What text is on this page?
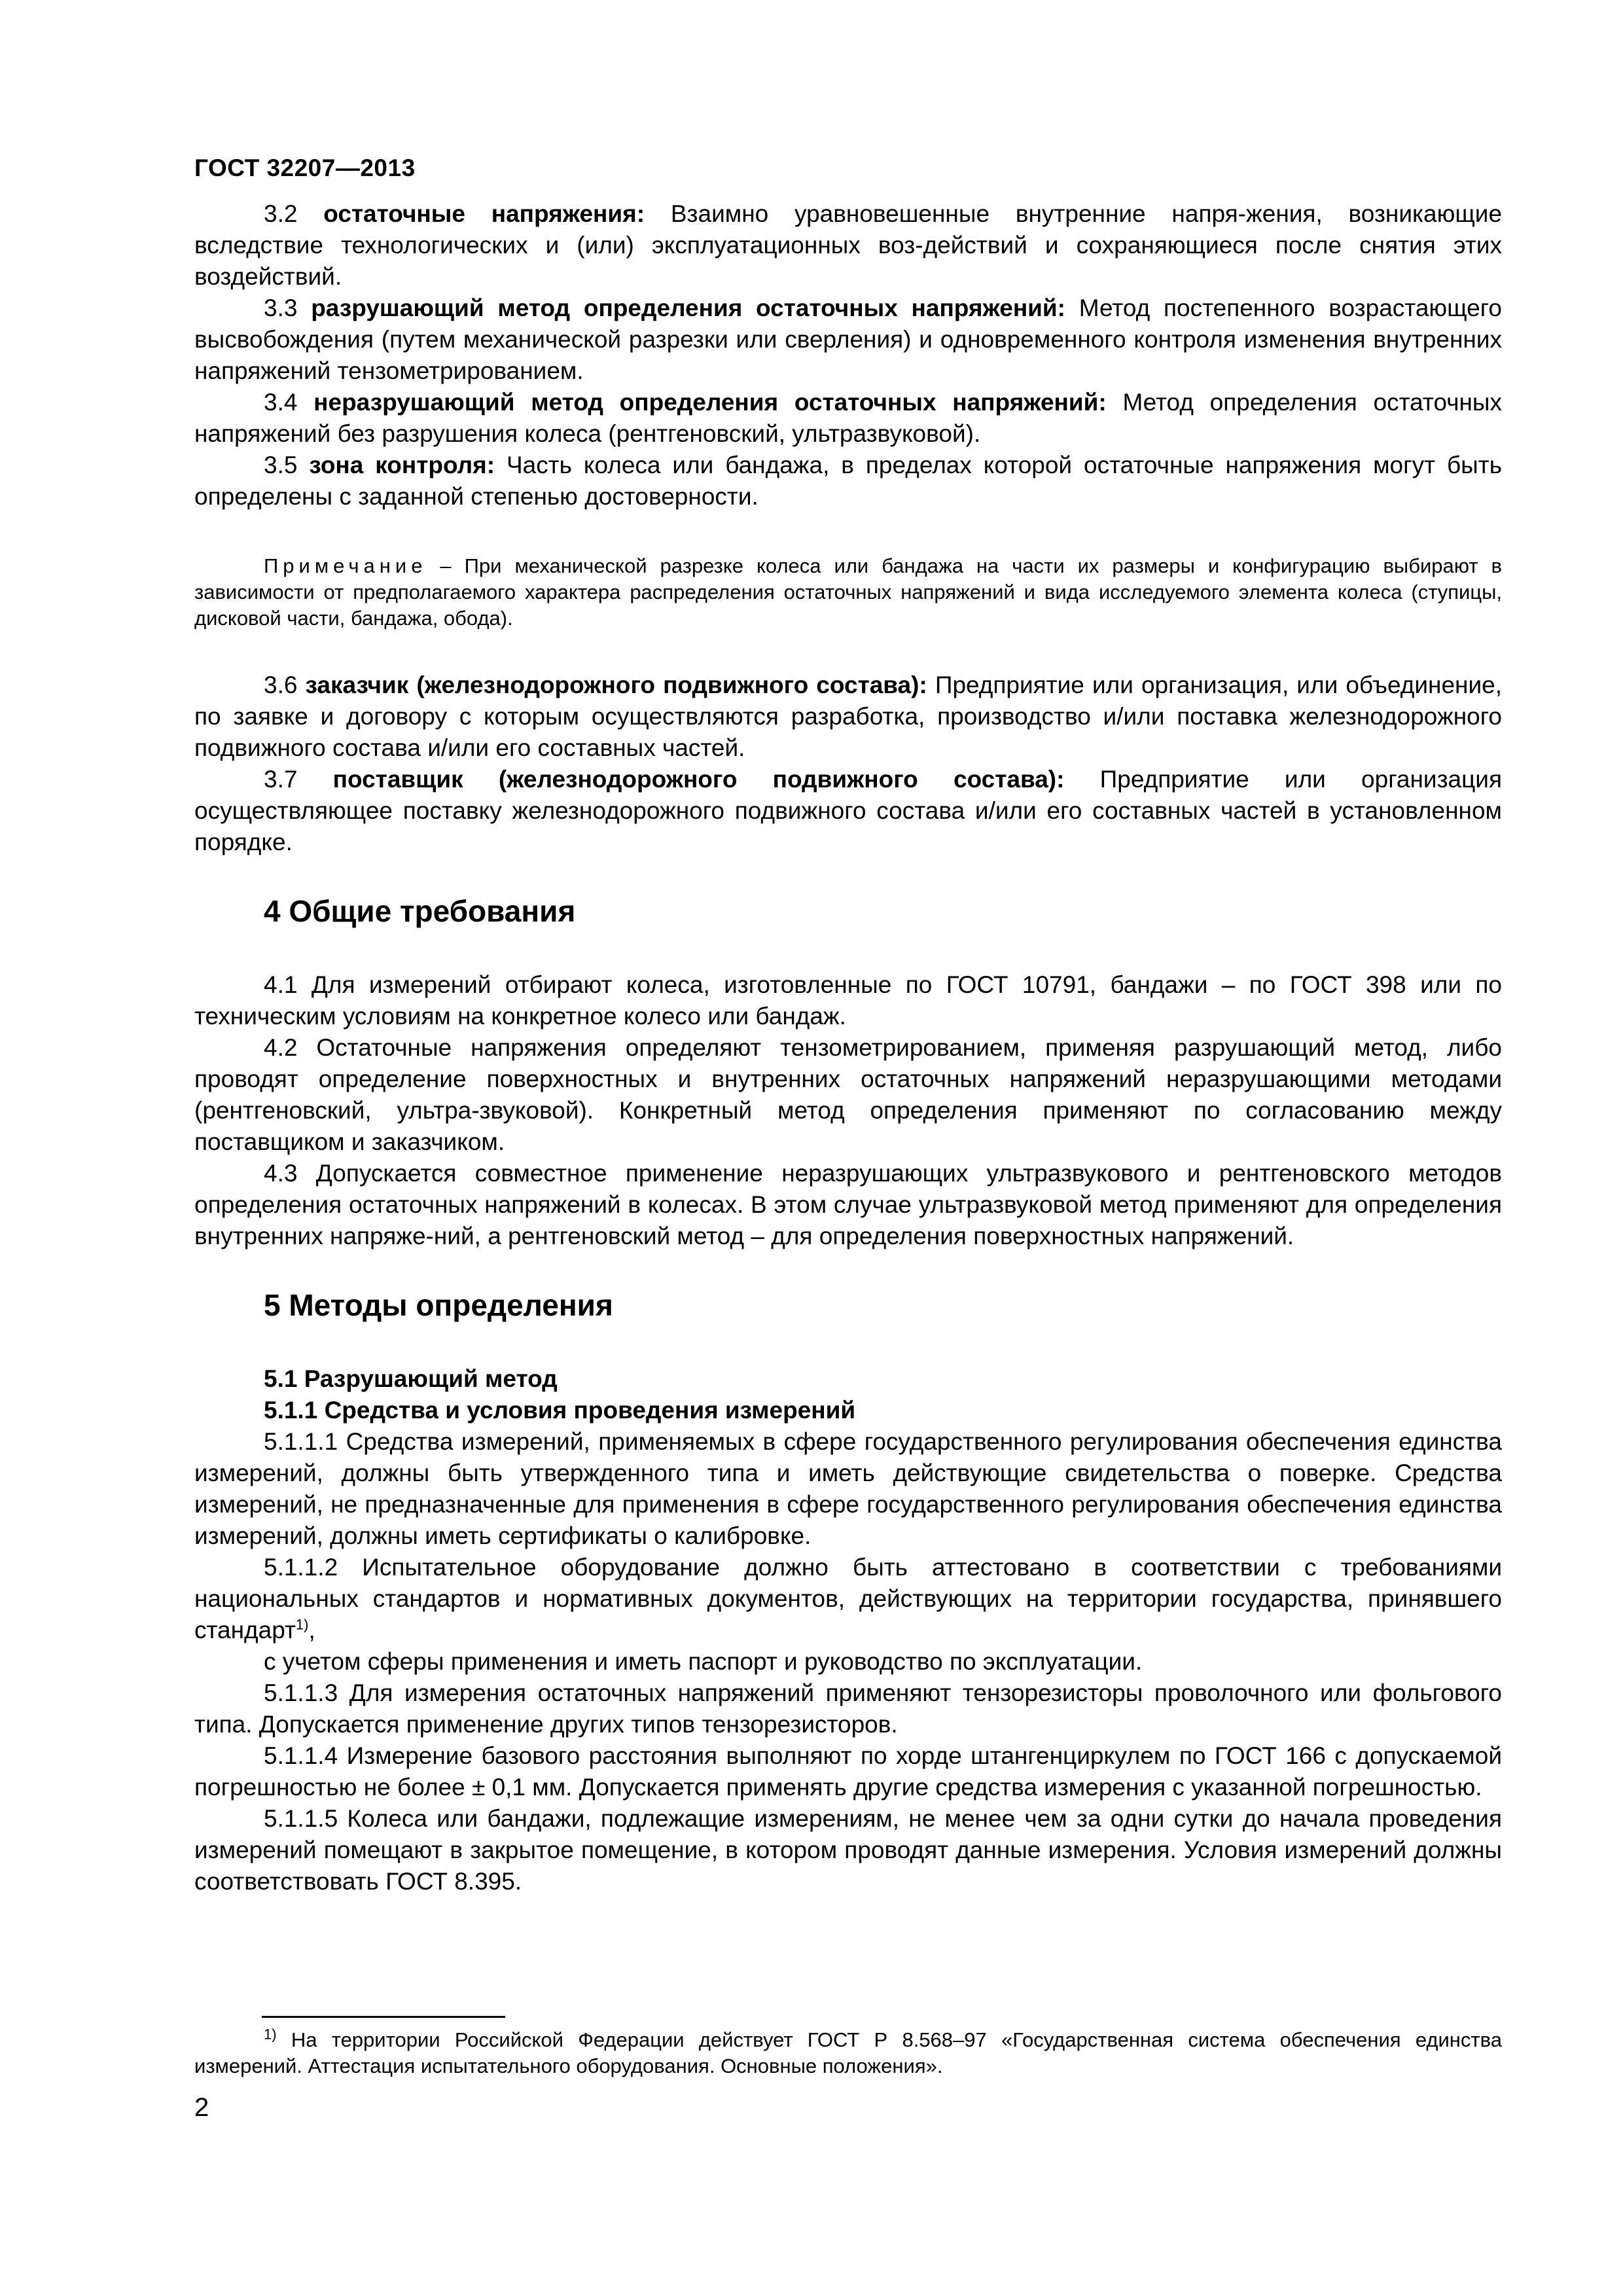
ГОСТ 32207—2013

3.2 остаточные напряжения: Взаимно уравновешенные внутренние напря-жения, возникающие вследствие технологических и (или) эксплуатационных воз-действий и сохраняющиеся после снятия этих воздействий.

3.3 разрушающий метод определения остаточных напряжений: Метод постепенного возрастающего высвобождения (путем механической разрезки или сверления) и одновременного контроля изменения внутренних напряжений тензометрированием.

3.4 неразрушающий метод определения остаточных напряжений: Метод определения остаточных напряжений без разрушения колеса (рентгеновский, ультразвуковой).

3.5 зона контроля: Часть колеса или бандажа, в пределах которой остаточные напряжения могут быть определены с заданной степенью достоверности.

Примечание – При механической разрезке колеса или бандажа на части их размеры и конфигурацию выбирают в зависимости от предполагаемого характера распределения остаточных напряжений и вида исследуемого элемента колеса (ступицы, дисковой части, бандажа, обода).

3.6 заказчик (железнодорожного подвижного состава): Предприятие или организация, или объединение, по заявке и договору с которым осуществляются разработка, производство и/или поставка железнодорожного подвижного состава и/или его составных частей.

3.7 поставщик (железнодорожного подвижного состава): Предприятие или организация осуществляющее поставку железнодорожного подвижного состава и/или его составных частей в установленном порядке.

4 Общие требования

4.1 Для измерений отбирают колеса, изготовленные по ГОСТ 10791, бандажи – по ГОСТ 398 или по техническим условиям на конкретное колесо или бандаж.

4.2 Остаточные напряжения определяют тензометрированием, применяя разрушающий метод, либо проводят определение поверхностных и внутренних остаточных напряжений неразрушающими методами (рентгеновский, ультра-звуковой). Конкретный метод определения применяют по согласованию между поставщиком и заказчиком.

4.3 Допускается совместное применение неразрушающих ультразвукового и рентгеновского методов определения остаточных напряжений в колесах. В этом случае ультразвуковой метод применяют для определения внутренних напряже-ний, а рентгеновский метод – для определения поверхностных напряжений.

5 Методы определения

5.1 Разрушающий метод

5.1.1 Средства и условия проведения измерений

5.1.1.1 Средства измерений, применяемых в сфере государственного регулирования обеспечения единства измерений, должны быть утвержденного типа и иметь действующие свидетельства о поверке. Средства измерений, не предназначенные для применения в сфере государственного регулирования обеспечения единства измерений, должны иметь сертификаты о калибровке.

5.1.1.2 Испытательное оборудование должно быть аттестовано в соответствии с требованиями национальных стандартов и нормативных документов, действующих на территории государства, принявшего стандарт$^{1)}$,

с учетом сферы применения и иметь паспорт и руководство по эксплуатации.

5.1.1.3 Для измерения остаточных напряжений применяют тензорезисторы проволочного или фольгового типа. Допускается применение других типов тензорезисторов.

5.1.1.4 Измерение базового расстояния выполняют по хорде штангенциркулем по ГОСТ 166 с допускаемой погрешностью не более ± 0,1 мм. Допускается применять другие средства измерения с указанной погрешностью.

5.1.1.5 Колеса или бандажи, подлежащие измерениям, не менее чем за одни сутки до начала проведения измерений помещают в закрытое помещение, в котором проводят данные измерения. Условия измерений должны соответствовать ГОСТ 8.395.

$^{1)}$ На территории Российской Федерации действует ГОСТ Р 8.568–97 «Государственная система обеспечения единства измерений. Аттестация испытательного оборудования. Основные положения».
2
